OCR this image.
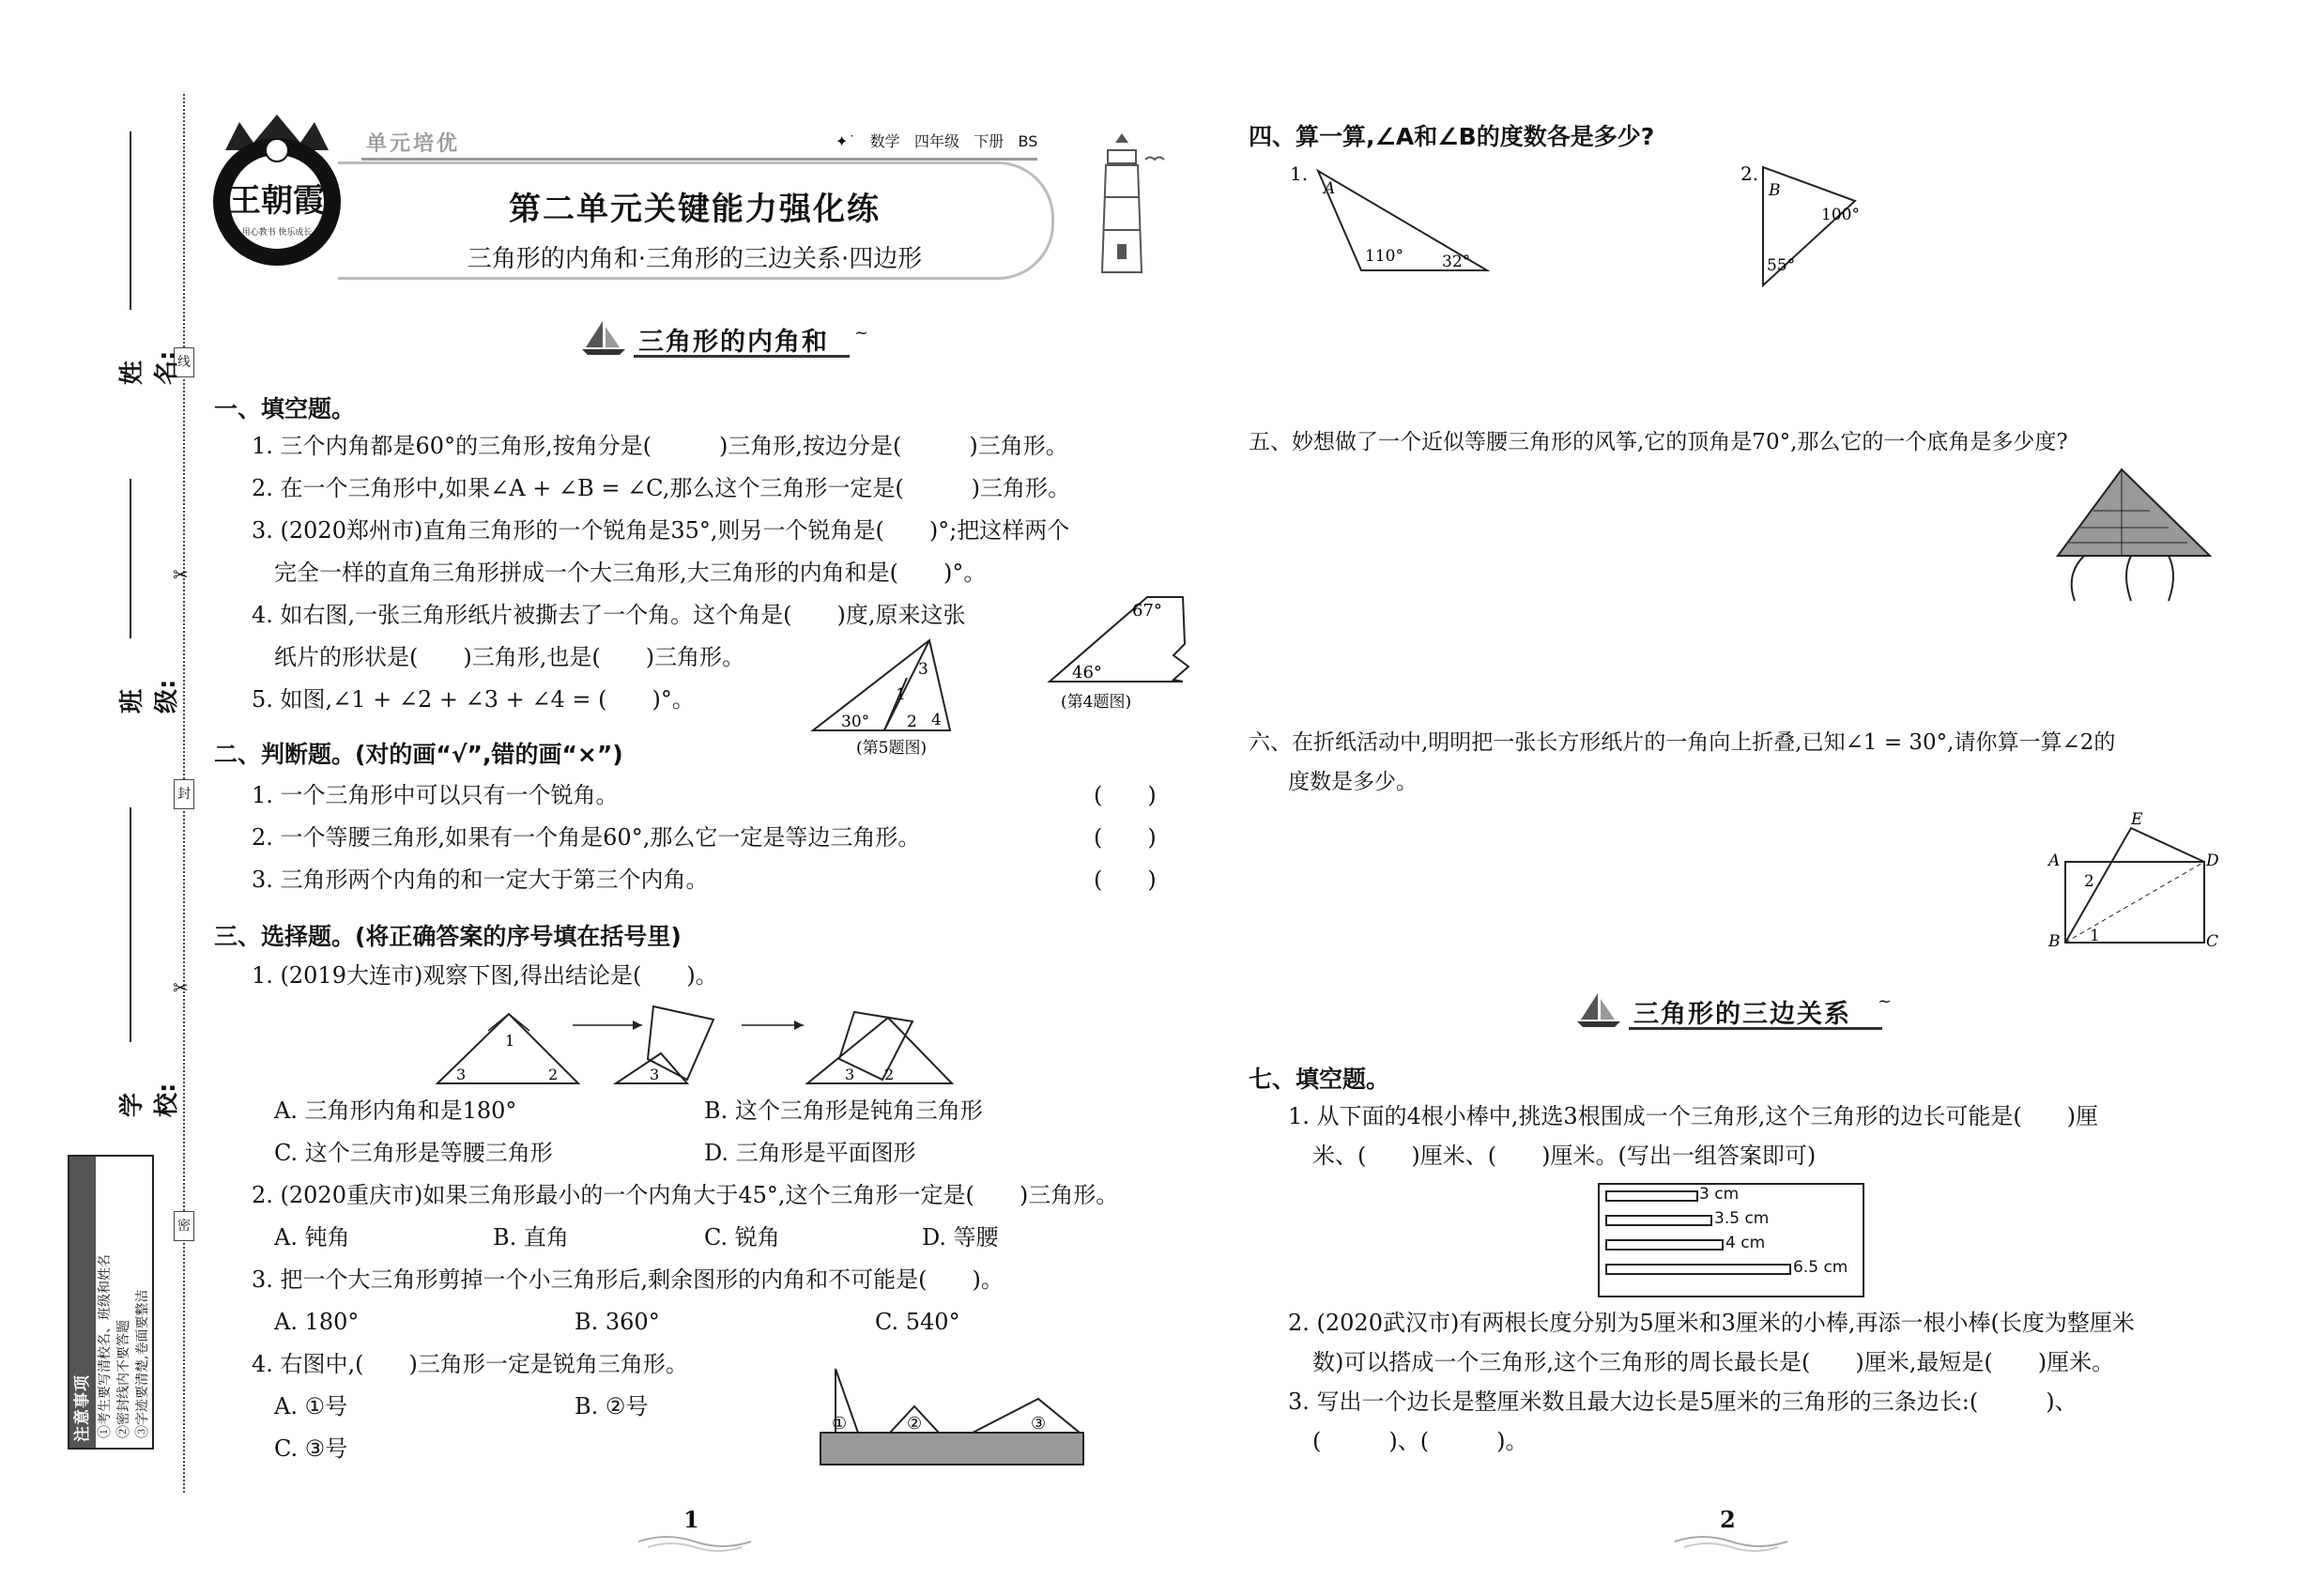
线
封
密
✂
✂
姓 名:
班 级:
学 校:
注意事项 ①考生要写清校名、班级和姓名 ②密封线内不要答题 ③字迹要清楚,卷面要整洁
王朝霞
用心教书 快乐成长
单元培优	✦˙ 数学 四年级 下册 BS
第二单元关键能力强化练
三角形的内角和·三角形的三边关系·四边形
三角形的内角和 ~
一、填空题。
1. 三个内角都是60°的三角形,按角分是(　　　)三角形,按边分是(　　　)三角形。
2. 在一个三角形中,如果∠A + ∠B = ∠C,那么这个三角形一定是(　　　)三角形。
3. (2020郑州市)直角三角形的一个锐角是35°,则另一个锐角是(　　)°;把这样两个
完全一样的直角三角形拼成一个大三角形,大三角形的内角和是(　　)°。
4. 如右图,一张三角形纸片被撕去了一个角。这个角是(　　)度,原来这张
纸片的形状是(　　)三角形,也是(　　)三角形。
5. 如图,∠1 + ∠2 + ∠3 + ∠4 = (　　)°。
67°
46°
(第4题图)
30°
1
2
3
4
(第5题图)
二、判断题。(对的画“√”,错的画“×”)
1. 一个三角形中可以只有一个锐角。	(　　)
2. 一个等腰三角形,如果有一个角是60°,那么它一定是等边三角形。	(　　)
3. 三角形两个内角的和一定大于第三个内角。	(　　)
三、选择题。(将正确答案的序号填在括号里)
1. (2019大连市)观察下图,得出结论是(　　)。
1
3	2	3	3 2
A. 三角形内角和是180°	B. 这个三角形是钝角三角形
C. 这个三角形是等腰三角形	D. 三角形是平面图形
2. (2020重庆市)如果三角形最小的一个内角大于45°,这个三角形一定是(　　)三角形。
A. 钝角	B. 直角	C. 锐角	D. 等腰
3. 把一个大三角形剪掉一个小三角形后,剩余图形的内角和不可能是(　　)。
A. 180°	B. 360°	C. 540°
4. 右图中,(　　)三角形一定是锐角三角形。
A. ①号	B. ②号
C. ③号
①	②	③
1
四、算一算,∠A和∠B的度数各是多少?
1.
A
110° 32°
2.
B
100°
55°
五、妙想做了一个近似等腰三角形的风筝,它的顶角是70°,那么它的一个底角是多少度?
六、在折纸活动中,明明把一张长方形纸片的一角向上折叠,已知∠1 = 30°,请你算一算∠2的
度数是多少。
A
E
D
B	C
2
1
三角形的三边关系 ~
七、填空题。
1. 从下面的4根小棒中,挑选3根围成一个三角形,这个三角形的边长可能是(　　)厘
米、(　　)厘米、(　　)厘米。(写出一组答案即可)
3 cm
3.5 cm
4 cm
6.5 cm
2. (2020武汉市)有两根长度分别为5厘米和3厘米的小棒,再添一根小棒(长度为整厘米
数)可以搭成一个三角形,这个三角形的周长最长是(　　)厘米,最短是(　　)厘米。
3. 写出一个边长是整厘米数且最大边长是5厘米的三角形的三条边长:(　　　)、
(　　　)、(　　　)。
2
